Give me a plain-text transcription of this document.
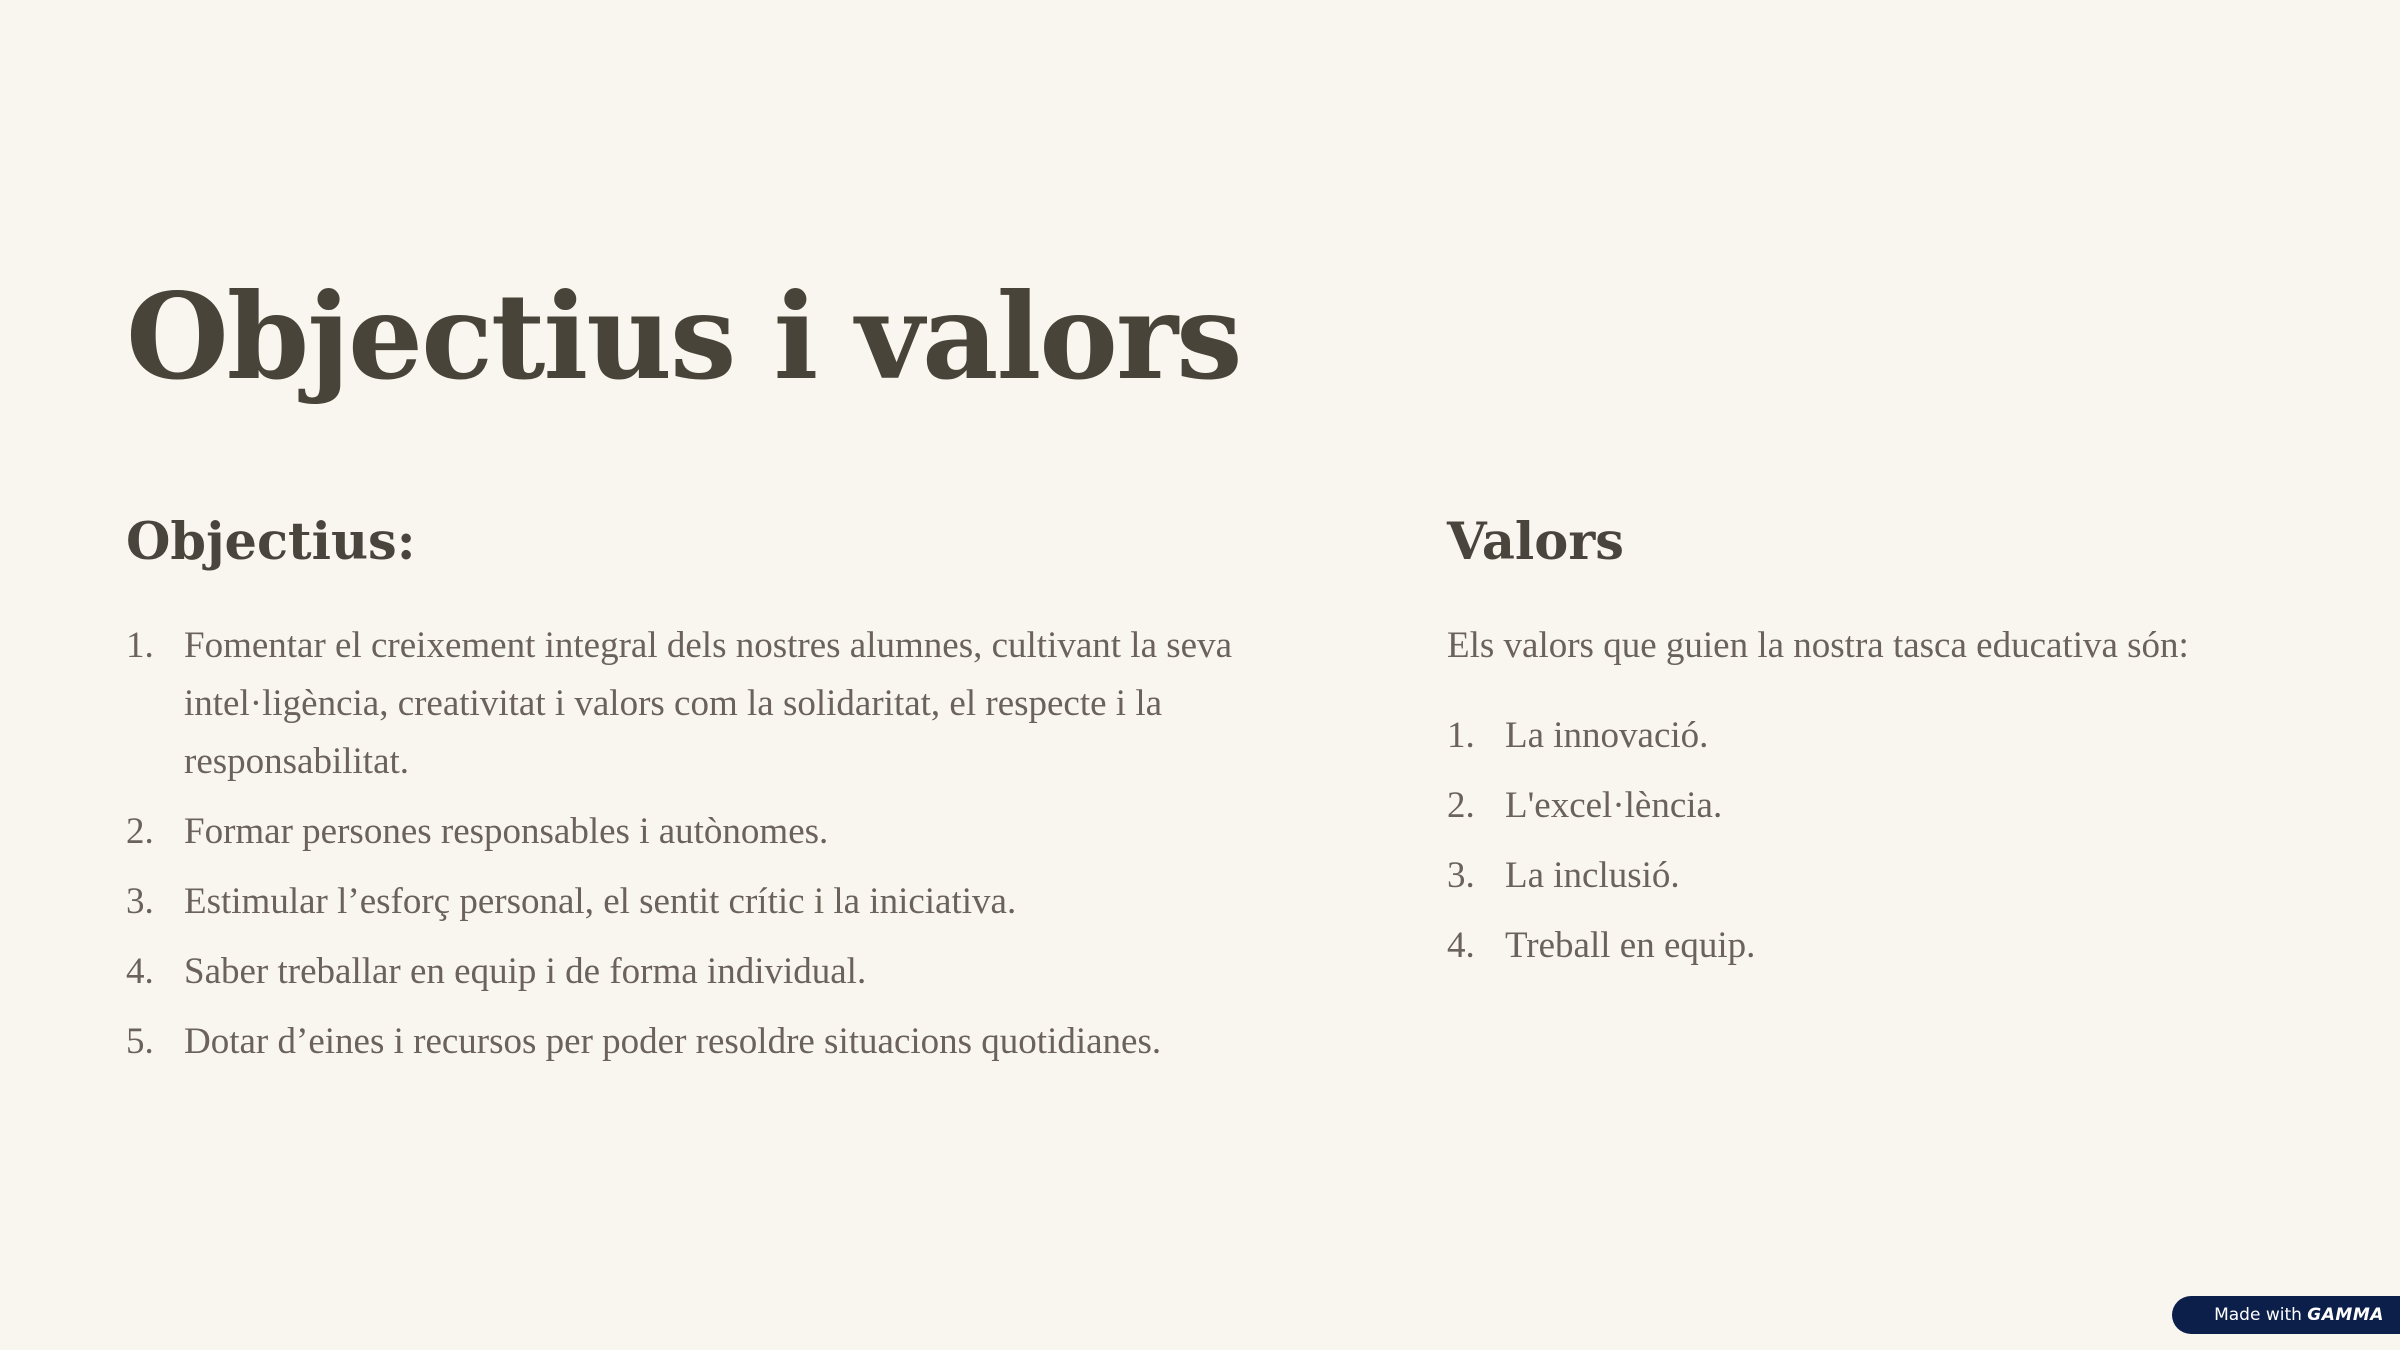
Objectius i valors
Objectius:
1. Fomentar el creixement integral dels nostres alumnes, cultivant la seva intel·ligència, creativitat i valors com la solidaritat, el respecte i la responsabilitat.
2. Formar persones responsables i autònomes.
3. Estimular l’esforç personal, el sentit crític i la iniciativa.
4. Saber treballar en equip i de forma individual.
5. Dotar d’eines i recursos per poder resoldre situacions quotidianes.
Valors

Els valors que guien la nostra tasca educativa són:

1. La innovació.
2. L'excel·lència.
3. La inclusió.
4. Treball en equip.
Made with GAMMA
